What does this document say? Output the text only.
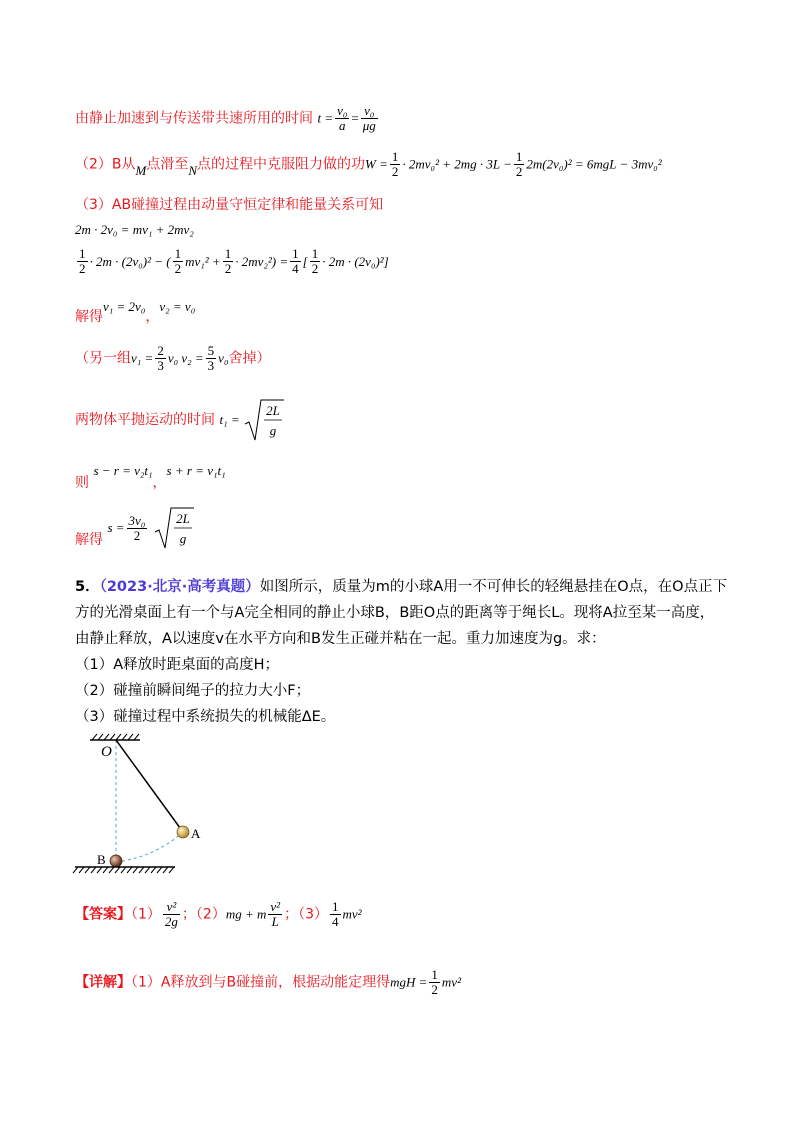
由静止加速到与传送带共速所用的时间 $t = \frac{\text{v₀}}{a} = \frac{\text{v₀}}{\mu g}$
（2）B从M点滑至N点的过程中克服阻力做的功$W = \frac{1}{2} \cdot 2mv_0^2 + 2mg \cdot 3L - \frac{1}{2} 2m(2v_0)^2 = 6mgL - 3mv_0^2$
（3）AB碰撞过程由动量守恒定律和能量关系可知
2m · 2v₀ = mv₁ + 2mv₂
$\frac{1}{2} \cdot 2m \cdot (2v_0)^2$ − ( $\frac{1}{2} mv_1^2 + \frac{1}{2} \cdot 2mv_2^2) = \frac{1}{4}$ [ $\frac{1}{2} \cdot 2m \cdot (2v_0)^2$]
解得v₁ = 2v₀，v₂ = v₀
（另一组$v_1 = \frac{2}{3} v_0$ $v_2 = \frac{5}{3} v_0$舍掉）
两物体平抛运动的时间 t₁ =
2L
g
则 s − r = v₂t₁，s + r = v₁t₁
解得 $s = \frac{\text{3v₀}}{2}$
2L
g
5．（2023·北京·高考真题）如图所示，质量为m的小球A用一不可伸长的轻绳悬挂在O点，在O点正下
方的光滑桌面上有一个与A完全相同的静止小球B，B距O点的距离等于绳长L。现将A拉至某一高度，
由静止释放，A以速度v在水平方向和B发生正碰并粘在一起。重力加速度为g。求：
（1）A释放时距桌面的高度H；
（2）碰撞前瞬间绳子的拉力大小F；
（3）碰撞过程中系统损失的机械能ΔE。
O
A
B
【答案】$(1) \frac{\text{v²}}{2g}$ ；（2）mg + m $\frac{\text{v²}}{L}$ ；$(3) \frac{1}{4} mv^2$
【详解】（1）A释放到与B碰撞前，根据动能定理得mgH = $\frac{1}{2} mv^2$
